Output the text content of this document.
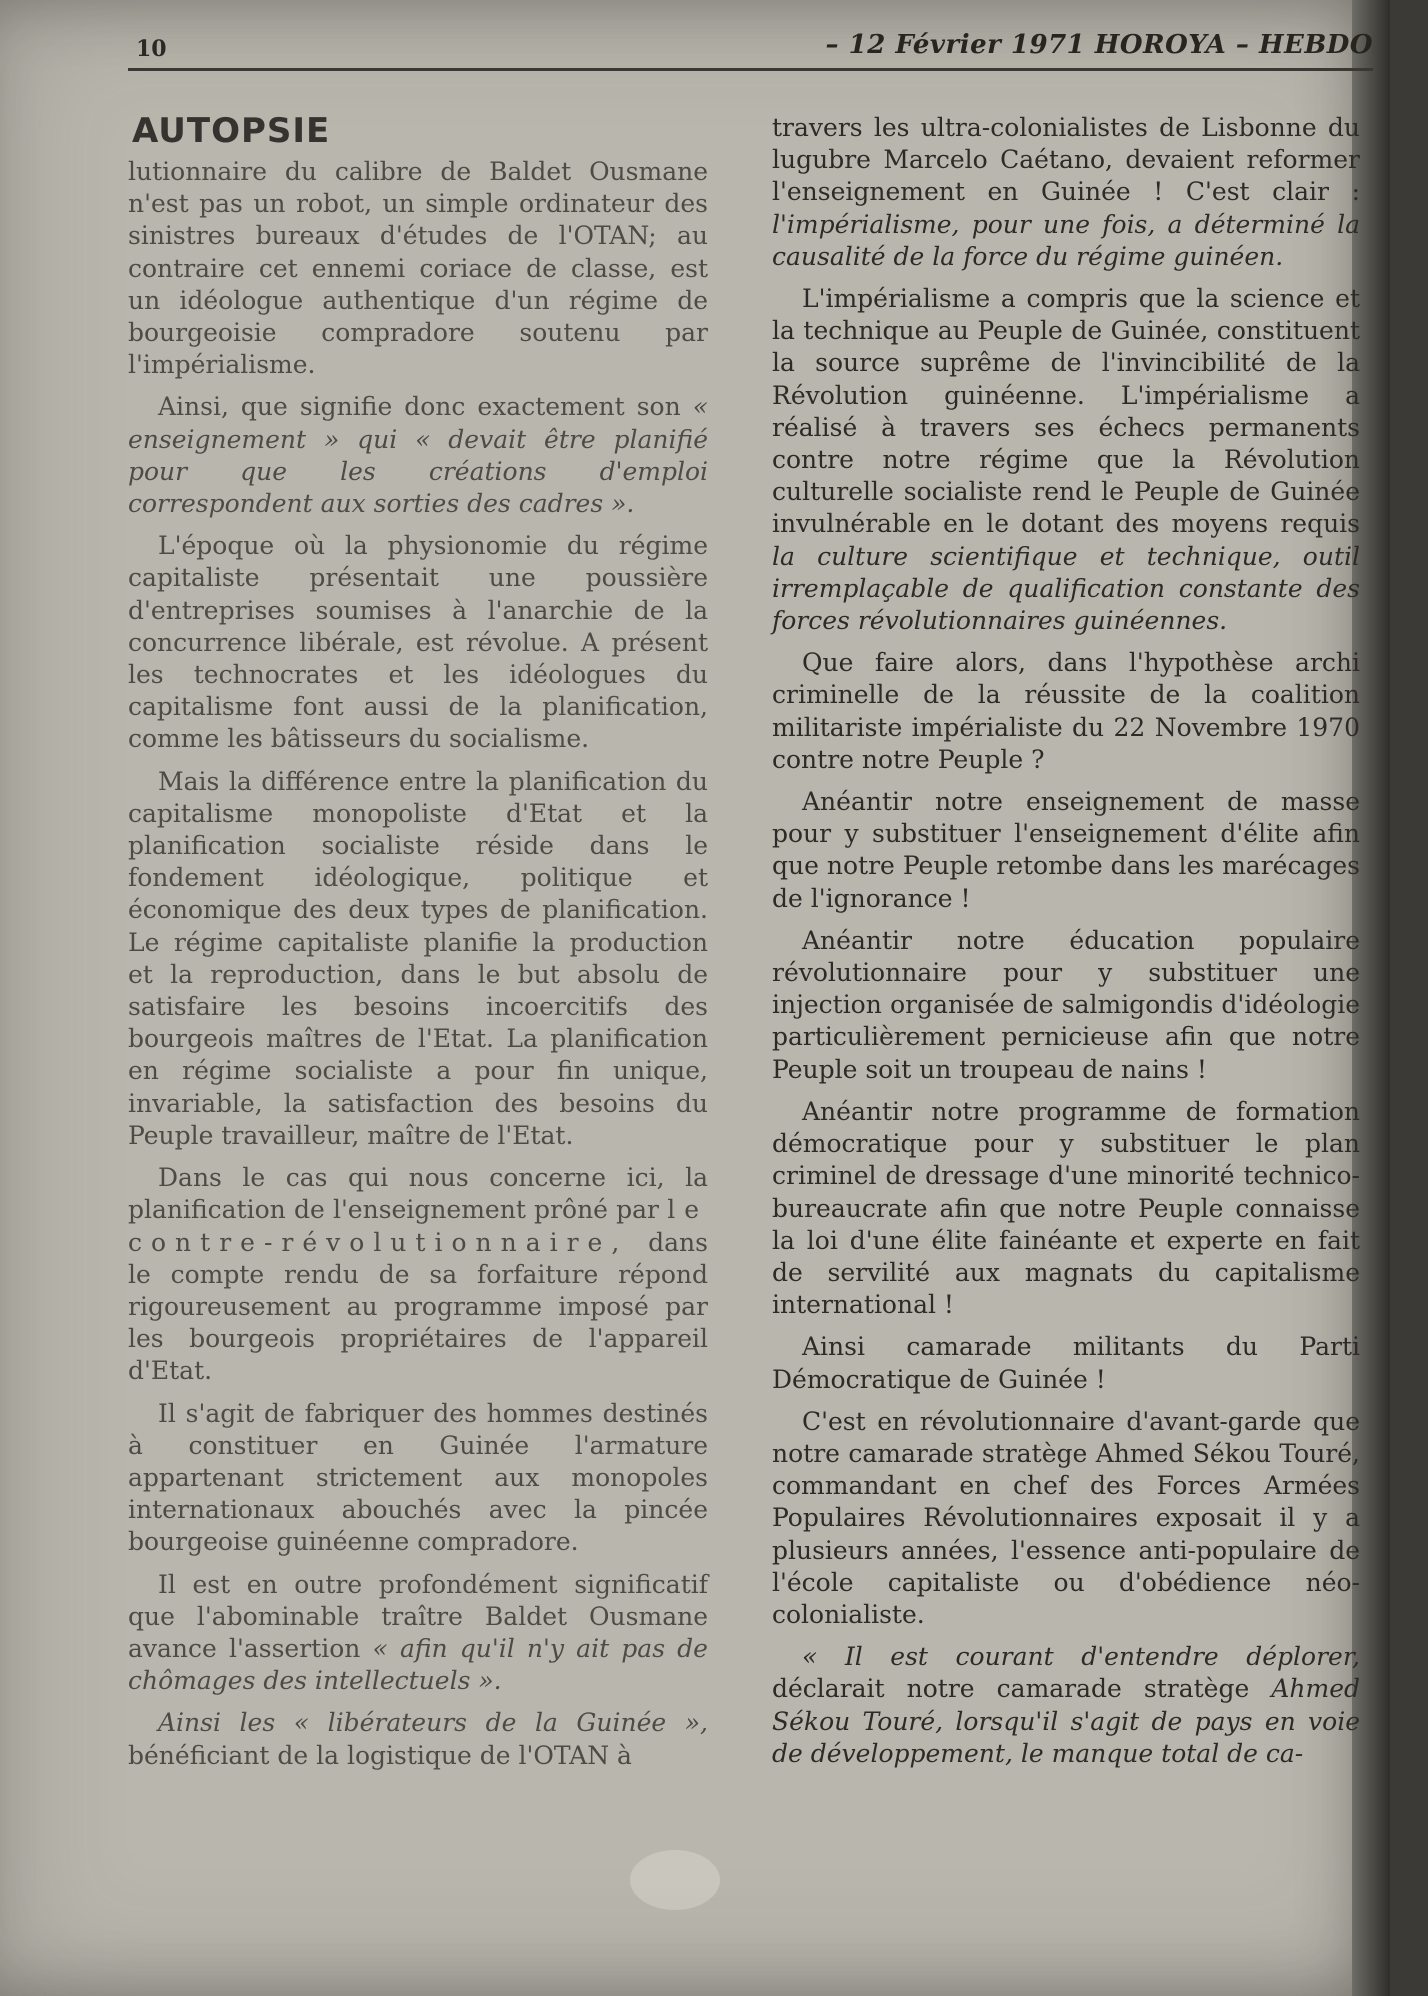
10	– 12 Février 1971 HOROYA – HEBDO
AUTOPSIE

lutionnaire du calibre de Baldet Ousmane n'est pas un robot, un simple ordinateur des sinistres bureaux d'études de l'OTAN; au contraire cet ennemi coriace de classe, est un idéologue authentique d'un régime de bourgeoisie compradore soutenu par l'impérialisme.

Ainsi, que signifie donc exactement son « enseignement » qui « devait être planifié pour que les créations d'emploi correspondent aux sorties des cadres ».

L'époque où la physionomie du régime capitaliste présentait une poussière d'entreprises soumises à l'anarchie de la concurrence libérale, est révolue. A présent les technocrates et les idéologues du capitalisme font aussi de la planification, comme les bâtisseurs du socialisme.

Mais la différence entre la planification du capitalisme monopoliste d'Etat et la planification socialiste réside dans le fondement idéologique, politique et économique des deux types de planification. Le régime capitaliste planifie la production et la reproduction, dans le but absolu de satisfaire les besoins incoercitifs des bourgeois maîtres de l'Etat. La planification en régime socialiste a pour fin unique, invariable, la satisfaction des besoins du Peuple travailleur, maître de l'Etat.

Dans le cas qui nous concerne ici, la planification de l'enseignement prôné par le contre-révolutionnaire, dans le compte rendu de sa forfaiture répond rigoureusement au programme imposé par les bourgeois propriétaires de l'appareil d'Etat.

Il s'agit de fabriquer des hommes destinés à constituer en Guinée l'armature appartenant strictement aux monopoles internationaux abouchés avec la pincée bourgeoise guinéenne compradore.

Il est en outre profondément significatif que l'abominable traître Baldet Ousmane avance l'assertion « afin qu'il n'y ait pas de chômages des intellectuels ».

Ainsi les « libérateurs de la Guinée », bénéficiant de la logistique de l'OTAN à

travers les ultra-colonialistes de Lisbonne du lugubre Marcelo Caétano, devaient reformer l'enseignement en Guinée ! C'est clair : l'impérialisme, pour une fois, a déterminé la causalité de la force du régime guinéen.

L'impérialisme a compris que la science et la technique au Peuple de Guinée, constituent la source suprême de l'invincibilité de la Révolution guinéenne. L'impérialisme a réalisé à travers ses échecs permanents contre notre régime que la Révolution culturelle socialiste rend le Peuple de Guinée invulnérable en le dotant des moyens requis la culture scientifique et technique, outil irremplaçable de qualification constante des forces révolutionnaires guinéennes.

Que faire alors, dans l'hypothèse archi criminelle de la réussite de la coalition militariste impérialiste du 22 Novembre 1970 contre notre Peuple ?

Anéantir notre enseignement de masse pour y substituer l'enseignement d'élite afin que notre Peuple retombe dans les marécages de l'ignorance !

Anéantir notre éducation populaire révolutionnaire pour y substituer une injection organisée de salmigondis d'idéologie particulièrement pernicieuse afin que notre Peuple soit un troupeau de nains !

Anéantir notre programme de formation démocratique pour y substituer le plan criminel de dressage d'une minorité technico-bureaucrate afin que notre Peuple connaisse la loi d'une élite fainéante et experte en fait de servilité aux magnats du capitalisme international !

Ainsi camarade militants du Parti Démocratique de Guinée !

C'est en révolutionnaire d'avant-garde que notre camarade stratège Ahmed Sékou Touré, commandant en chef des Forces Armées Populaires Révolutionnaires exposait il y a plusieurs années, l'essence anti-populaire de l'école capitaliste ou d'obédience néo-colonialiste.

« Il est courant d'entendre déplorer, déclarait notre camarade stratège Ahmed Sékou Touré, lorsqu'il s'agit de pays en voie de développement, le manque total de ca-
